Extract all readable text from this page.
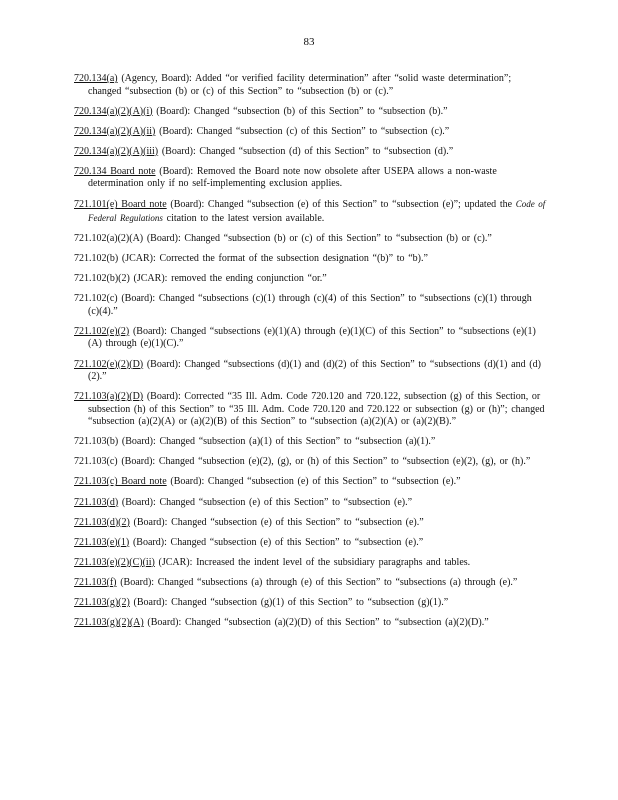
83

720.134(a) (Agency, Board): Added “or verified facility determination” after “solid waste determination”; changed “subsection (b) or (c) of this Section” to “subsection (b) or (c).”

720.134(a)(2)(A)(i) (Board): Changed “subsection (b) of this Section” to “subsection (b).”

720.134(a)(2)(A)(ii) (Board): Changed “subsection (c) of this Section” to “subsection (c).”

720.134(a)(2)(A)(iii) (Board): Changed “subsection (d) of this Section” to “subsection (d).”

720.134 Board note (Board): Removed the Board note now obsolete after USEPA allows a non-waste determination only if no self-implementing exclusion applies.

721.101(e) Board note (Board): Changed “subsection (e) of this Section” to “subsection (e)”; updated the Code of Federal Regulations citation to the latest version available.

721.102(a)(2)(A) (Board): Changed “subsection (b) or (c) of this Section” to “subsection (b) or (c).”

721.102(b) (JCAR): Corrected the format of the subsection designation “(b)” to “b).”

721.102(b)(2) (JCAR): removed the ending conjunction “or.”

721.102(c) (Board): Changed “subsections (c)(1) through (c)(4) of this Section” to “subsections (c)(1) through (c)(4).”

721.102(e)(2) (Board): Changed “subsections (e)(1)(A) through (e)(1)(C) of this Section” to “subsections (e)(1)(A) through (e)(1)(C).”

721.102(e)(2)(D) (Board): Changed “subsections (d)(1) and (d)(2) of this Section” to “subsections (d)(1) and (d)(2).”

721.103(a)(2)(D) (Board): Corrected “35 Ill. Adm. Code 720.120 and 720.122, subsection (g) of this Section, or subsection (h) of this Section” to “35 Ill. Adm. Code 720.120 and 720.122 or subsection (g) or (h)”; changed “subsection (a)(2)(A) or (a)(2)(B) of this Section” to “subsection (a)(2)(A) or (a)(2)(B).”

721.103(b) (Board): Changed “subsection (a)(1) of this Section” to “subsection (a)(1).”

721.103(c) (Board): Changed “subsection (e)(2), (g), or (h) of this Section” to “subsection (e)(2), (g), or (h).”

721.103(c) Board note (Board): Changed “subsection (e) of this Section” to “subsection (e).”

721.103(d) (Board): Changed “subsection (e) of this Section” to “subsection (e).”

721.103(d)(2) (Board): Changed “subsection (e) of this Section” to “subsection (e).”

721.103(e)(1) (Board): Changed “subsection (e) of this Section” to “subsection (e).”

721.103(e)(2)(C)(ii) (JCAR): Increased the indent level of the subsidiary paragraphs and tables.

721.103(f) (Board): Changed “subsections (a) through (e) of this Section” to “subsections (a) through (e).”

721.103(g)(2) (Board): Changed “subsection (g)(1) of this Section” to “subsection (g)(1).”

721.103(g)(2)(A) (Board): Changed “subsection (a)(2)(D) of this Section” to “subsection (a)(2)(D).”
